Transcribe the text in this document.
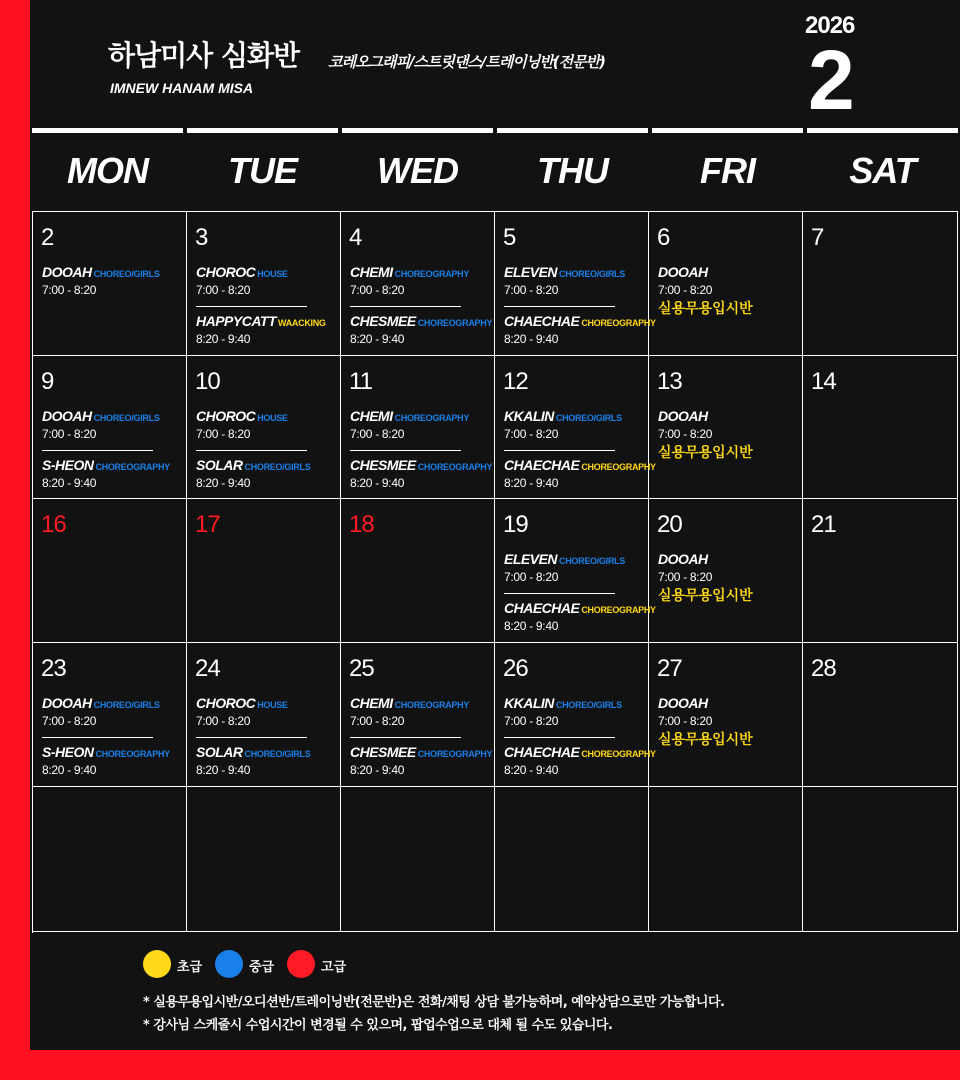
하남미사 심화반
IMNEW HANAM MISA
코레오그래피/스트릿댄스/트레이닝반(전문반)
2026
2
2
DOOAH CHOREO/GIRLS
7:00 - 8:20
3
CHOROC HOUSE
7:00 - 8:20
HAPPYCATT WAACKING
8:20 - 9:40
4
CHEMI CHOREOGRAPHY
7:00 - 8:20
CHESMEE CHOREOGRAPHY
8:20 - 9:40
5
ELEVEN CHOREO/GIRLS
7:00 - 8:20
CHAECHAE CHOREOGRAPHY
8:20 - 9:40
6
DOOAH
7:00 - 8:20
실용무용입시반
7
9
DOOAH CHOREO/GIRLS
7:00 - 8:20
S-HEON CHOREOGRAPHY
8:20 - 9:40
10
CHOROC HOUSE
7:00 - 8:20
SOLAR CHOREO/GIRLS
8:20 - 9:40
11
CHEMI CHOREOGRAPHY
7:00 - 8:20
CHESMEE CHOREOGRAPHY
8:20 - 9:40
12
KKALIN CHOREO/GIRLS
7:00 - 8:20
CHAECHAE CHOREOGRAPHY
8:20 - 9:40
13
DOOAH
7:00 - 8:20
실용무용입시반
14
16	17	18	19
ELEVEN CHOREO/GIRLS
7:00 - 8:20
CHAECHAE CHOREOGRAPHY
8:20 - 9:40
20
DOOAH
7:00 - 8:20
실용무용입시반
21
23
DOOAH CHOREO/GIRLS
7:00 - 8:20
S-HEON CHOREOGRAPHY
8:20 - 9:40
24
CHOROC HOUSE
7:00 - 8:20
SOLAR CHOREO/GIRLS
8:20 - 9:40
25
CHEMI CHOREOGRAPHY
7:00 - 8:20
CHESMEE CHOREOGRAPHY
8:20 - 9:40
26
KKALIN CHOREO/GIRLS
7:00 - 8:20
CHAECHAE CHOREOGRAPHY
8:20 - 9:40
27
DOOAH
7:00 - 8:20
실용무용입시반
28
MON	TUE	WED	THU	FRI	SAT
초급	중급	고급
* 실용무용입시반/오디션반/트레이닝반(전문반)은 전화/채팅 상담 불가능하며, 예약상담으로만 가능합니다.
* 강사님 스케줄시 수업시간이 변경될 수 있으며, 팝업수업으로 대체 될 수도 있습니다.
